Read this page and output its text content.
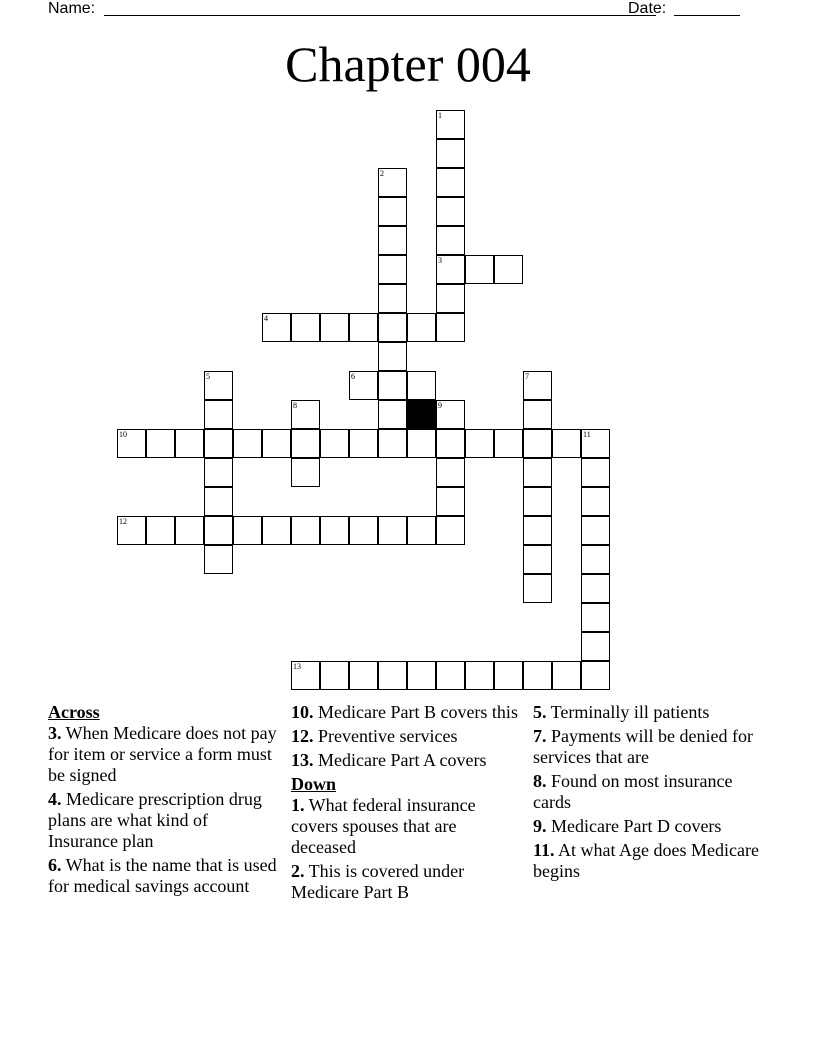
Name:	Date:
Chapter 004
1
3
2
4
5	6	7
8	9
10	11
12
13
Across
3. When Medicare does not pay for item or service a form must be signed
4. Medicare prescription drug plans are what kind of Insurance plan
6. What is the name that is used for medical savings account
10. Medicare Part B covers this
12. Preventive services
13. Medicare Part A covers
Down
1. What federal insurance covers spouses that are deceased
2. This is covered under Medicare Part B
5. Terminally ill patients
7. Payments will be denied for services that are
8. Found on most insurance cards
9. Medicare Part D covers
11. At what Age does Medicare begins
